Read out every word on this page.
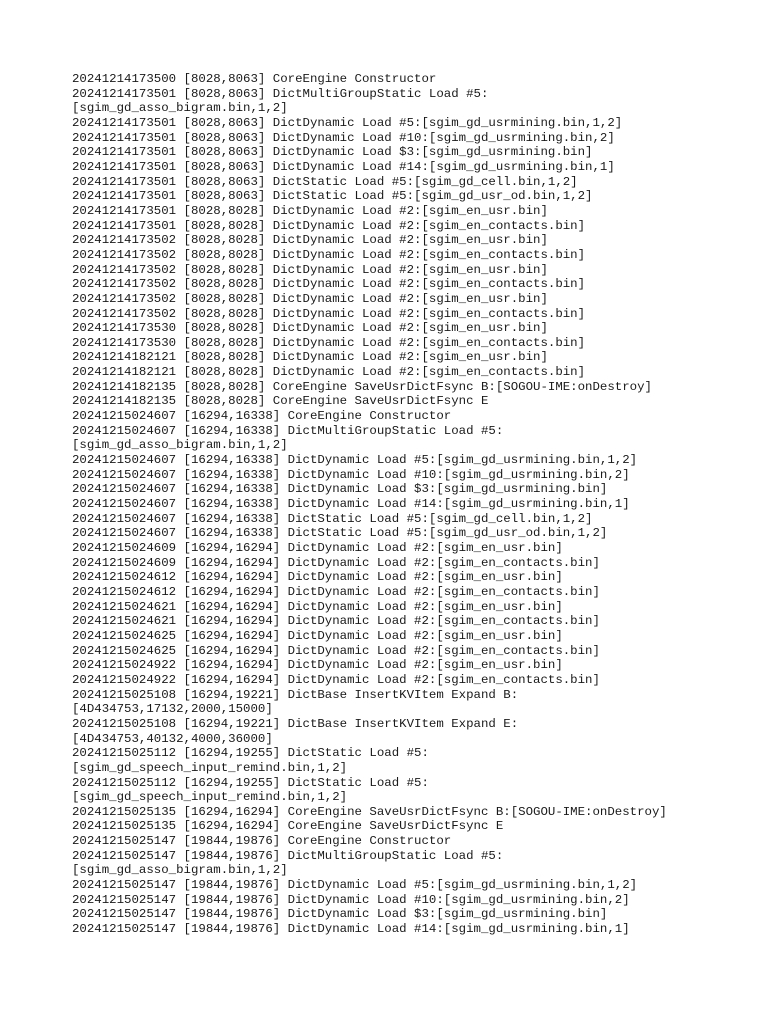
20241214173500 [8028,8063] CoreEngine Constructor
20241214173501 [8028,8063] DictMultiGroupStatic Load #5:
[sgim_gd_asso_bigram.bin,1,2]
20241214173501 [8028,8063] DictDynamic Load #5:[sgim_gd_usrmining.bin,1,2]
20241214173501 [8028,8063] DictDynamic Load #10:[sgim_gd_usrmining.bin,2]
20241214173501 [8028,8063] DictDynamic Load $3:[sgim_gd_usrmining.bin]
20241214173501 [8028,8063] DictDynamic Load #14:[sgim_gd_usrmining.bin,1]
20241214173501 [8028,8063] DictStatic Load #5:[sgim_gd_cell.bin,1,2]
20241214173501 [8028,8063] DictStatic Load #5:[sgim_gd_usr_od.bin,1,2]
20241214173501 [8028,8028] DictDynamic Load #2:[sgim_en_usr.bin]
20241214173501 [8028,8028] DictDynamic Load #2:[sgim_en_contacts.bin]
20241214173502 [8028,8028] DictDynamic Load #2:[sgim_en_usr.bin]
20241214173502 [8028,8028] DictDynamic Load #2:[sgim_en_contacts.bin]
20241214173502 [8028,8028] DictDynamic Load #2:[sgim_en_usr.bin]
20241214173502 [8028,8028] DictDynamic Load #2:[sgim_en_contacts.bin]
20241214173502 [8028,8028] DictDynamic Load #2:[sgim_en_usr.bin]
20241214173502 [8028,8028] DictDynamic Load #2:[sgim_en_contacts.bin]
20241214173530 [8028,8028] DictDynamic Load #2:[sgim_en_usr.bin]
20241214173530 [8028,8028] DictDynamic Load #2:[sgim_en_contacts.bin]
20241214182121 [8028,8028] DictDynamic Load #2:[sgim_en_usr.bin]
20241214182121 [8028,8028] DictDynamic Load #2:[sgim_en_contacts.bin]
20241214182135 [8028,8028] CoreEngine SaveUsrDictFsync B:[SOGOU-IME:onDestroy]
20241214182135 [8028,8028] CoreEngine SaveUsrDictFsync E
20241215024607 [16294,16338] CoreEngine Constructor
20241215024607 [16294,16338] DictMultiGroupStatic Load #5:
[sgim_gd_asso_bigram.bin,1,2]
20241215024607 [16294,16338] DictDynamic Load #5:[sgim_gd_usrmining.bin,1,2]
20241215024607 [16294,16338] DictDynamic Load #10:[sgim_gd_usrmining.bin,2]
20241215024607 [16294,16338] DictDynamic Load $3:[sgim_gd_usrmining.bin]
20241215024607 [16294,16338] DictDynamic Load #14:[sgim_gd_usrmining.bin,1]
20241215024607 [16294,16338] DictStatic Load #5:[sgim_gd_cell.bin,1,2]
20241215024607 [16294,16338] DictStatic Load #5:[sgim_gd_usr_od.bin,1,2]
20241215024609 [16294,16294] DictDynamic Load #2:[sgim_en_usr.bin]
20241215024609 [16294,16294] DictDynamic Load #2:[sgim_en_contacts.bin]
20241215024612 [16294,16294] DictDynamic Load #2:[sgim_en_usr.bin]
20241215024612 [16294,16294] DictDynamic Load #2:[sgim_en_contacts.bin]
20241215024621 [16294,16294] DictDynamic Load #2:[sgim_en_usr.bin]
20241215024621 [16294,16294] DictDynamic Load #2:[sgim_en_contacts.bin]
20241215024625 [16294,16294] DictDynamic Load #2:[sgim_en_usr.bin]
20241215024625 [16294,16294] DictDynamic Load #2:[sgim_en_contacts.bin]
20241215024922 [16294,16294] DictDynamic Load #2:[sgim_en_usr.bin]
20241215024922 [16294,16294] DictDynamic Load #2:[sgim_en_contacts.bin]
20241215025108 [16294,19221] DictBase InsertKVItem Expand B:
[4D434753,17132,2000,15000]
20241215025108 [16294,19221] DictBase InsertKVItem Expand E:
[4D434753,40132,4000,36000]
20241215025112 [16294,19255] DictStatic Load #5:
[sgim_gd_speech_input_remind.bin,1,2]
20241215025112 [16294,19255] DictStatic Load #5:
[sgim_gd_speech_input_remind.bin,1,2]
20241215025135 [16294,16294] CoreEngine SaveUsrDictFsync B:[SOGOU-IME:onDestroy]
20241215025135 [16294,16294] CoreEngine SaveUsrDictFsync E
20241215025147 [19844,19876] CoreEngine Constructor
20241215025147 [19844,19876] DictMultiGroupStatic Load #5:
[sgim_gd_asso_bigram.bin,1,2]
20241215025147 [19844,19876] DictDynamic Load #5:[sgim_gd_usrmining.bin,1,2]
20241215025147 [19844,19876] DictDynamic Load #10:[sgim_gd_usrmining.bin,2]
20241215025147 [19844,19876] DictDynamic Load $3:[sgim_gd_usrmining.bin]
20241215025147 [19844,19876] DictDynamic Load #14:[sgim_gd_usrmining.bin,1]
